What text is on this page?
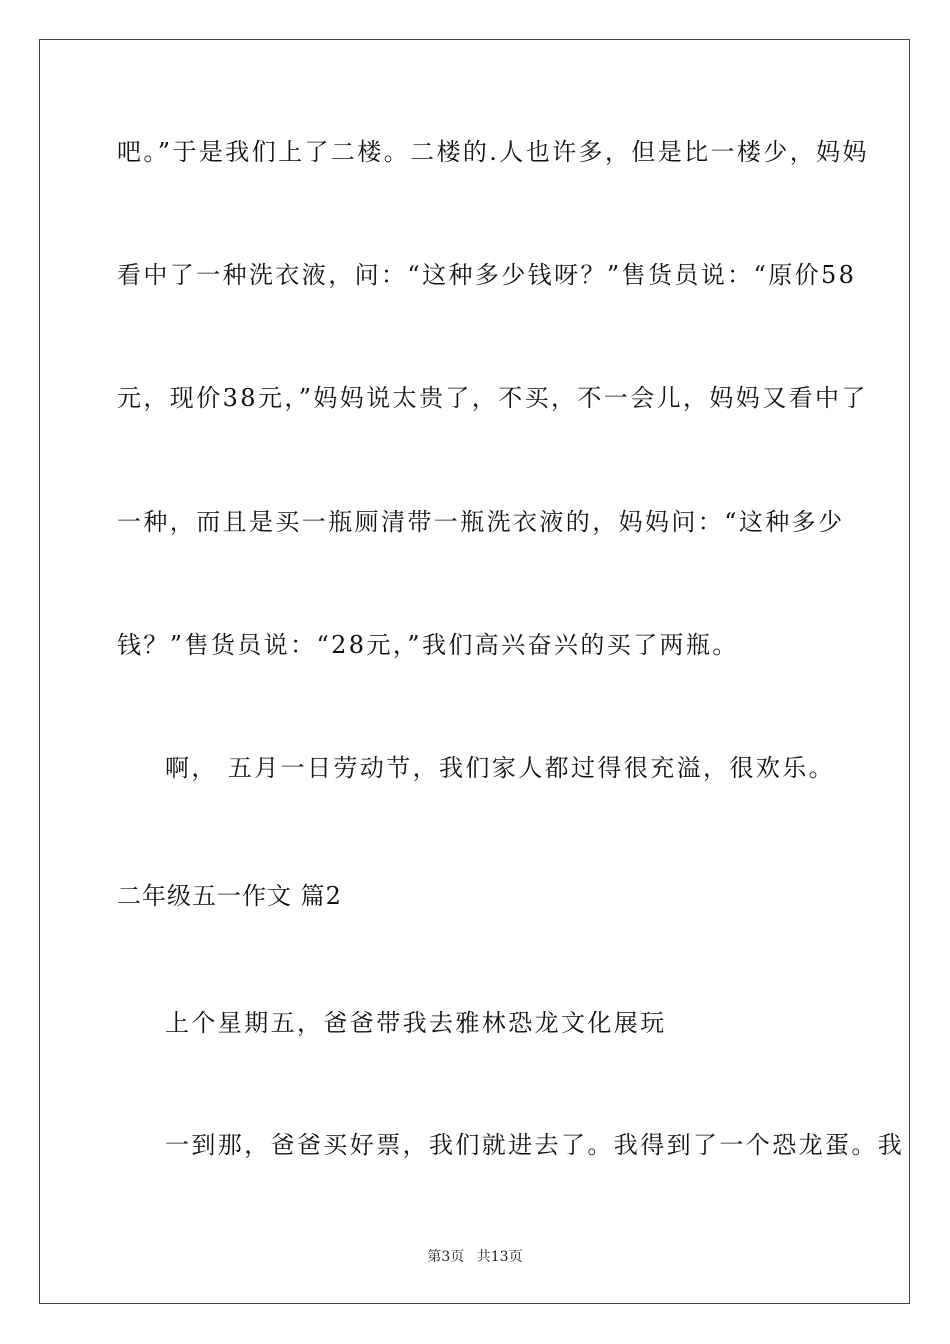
吧。”于是我们上了二楼。二楼的.人也许多，但是比一楼少，妈妈
看中了一种洗衣液，问：“这种多少钱呀？”售货员说：“原价58
元，现价38元，”妈妈说太贵了，不买，不一会儿，妈妈又看中了
一种，而且是买一瓶厕清带一瓶洗衣液的，妈妈问：“这种多少
钱？”售货员说：“28元，”我们高兴奋兴的买了两瓶。
啊， 五月一日劳动节，我们家人都过得很充溢，很欢乐。
二年级五一作文 篇2
上个星期五，爸爸带我去雅林恐龙文化展玩
一到那，爸爸买好票，我们就进去了。我得到了一个恐龙蛋。我
第3页 共13页
